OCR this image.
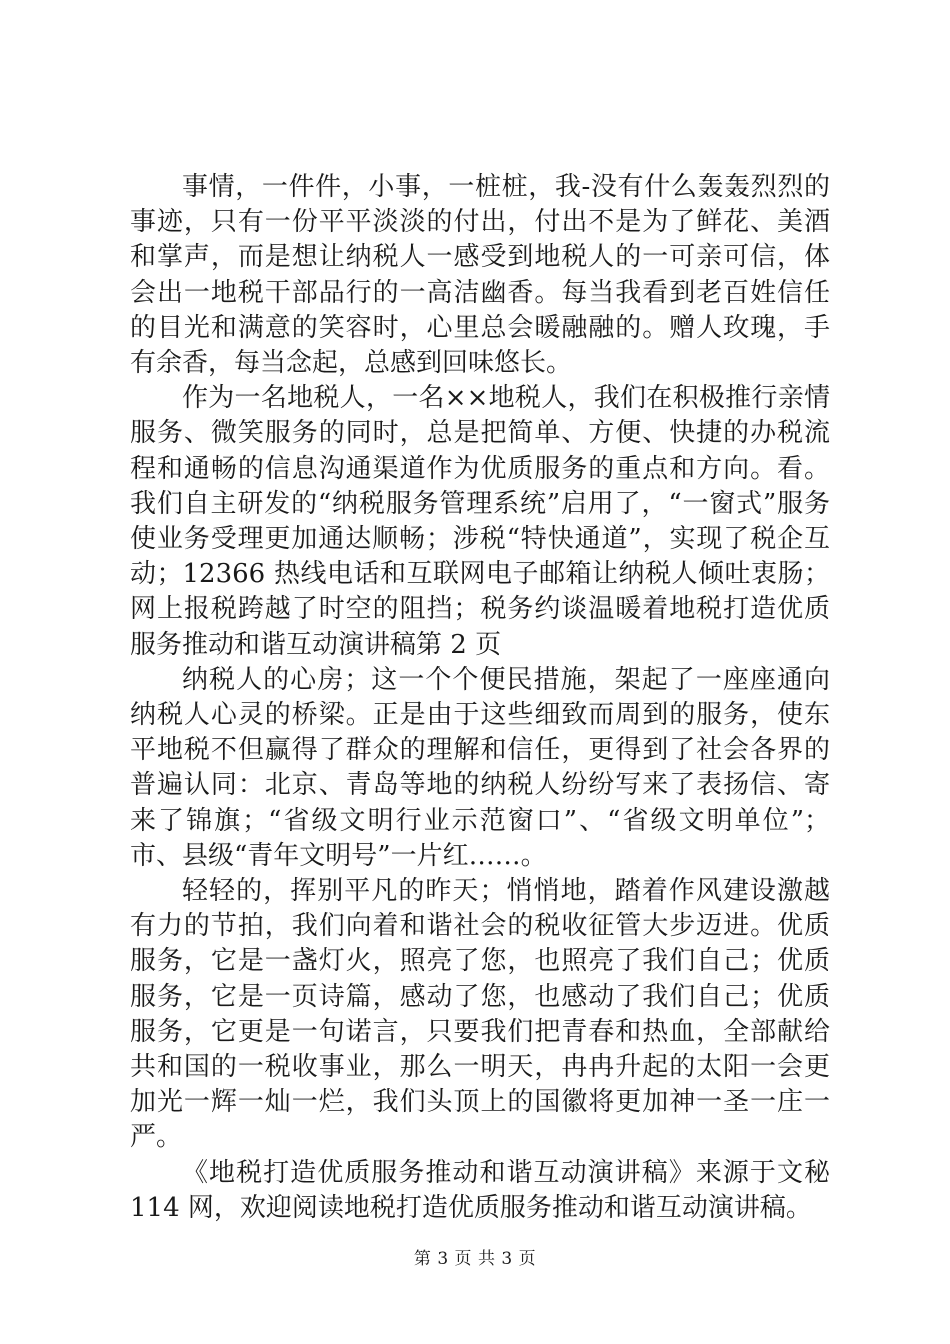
事情，一件件，小事，一桩桩，我-没有什么轰轰烈烈的事迹，只有一份平平淡淡的付出，付出不是为了鲜花、美酒和掌声，而是想让纳税人一感受到地税人的一可亲可信，体会出一地税干部品行的一高洁幽香。每当我看到老百姓信任的目光和满意的笑容时，心里总会暖融融的。赠人玫瑰，手有余香，每当念起，总感到回味悠长。

作为一名地税人，一名××地税人，我们在积极推行亲情服务、微笑服务的同时，总是把简单、方便、快捷的办税流程和通畅的信息沟通渠道作为优质服务的重点和方向。看。我们自主研发的“纳税服务管理系统”启用了，“一窗式”服务使业务受理更加通达顺畅；涉税“特快通道”，实现了税企互动；12366 热线电话和互联网电子邮箱让纳税人倾吐衷肠；网上报税跨越了时空的阻挡；税务约谈温暖着地税打造优质服务推动和谐互动演讲稿第 2 页

纳税人的心房；这一个个便民措施，架起了一座座通向纳税人心灵的桥梁。正是由于这些细致而周到的服务，使东平地税不但赢得了群众的理解和信任，更得到了社会各界的普遍认同：北京、青岛等地的纳税人纷纷写来了表扬信、寄来了锦旗；“省级文明行业示范窗口”、“省级文明单位”；市、县级“青年文明号”一片红……。

轻轻的，挥别平凡的昨天；悄悄地，踏着作风建设激越有力的节拍，我们向着和谐社会的税收征管大步迈进。优质服务，它是一盏灯火，照亮了您，也照亮了我们自己；优质服务，它是一页诗篇，感动了您，也感动了我们自己；优质服务，它更是一句诺言，只要我们把青春和热血，全部献给共和国的一税收事业，那么一明天，冉冉升起的太阳一会更加光一辉一灿一烂，我们头顶上的国徽将更加神一圣一庄一严。

《地税打造优质服务推动和谐互动演讲稿》来源于文秘 114 网，欢迎阅读地税打造优质服务推动和谐互动演讲稿。

第 3 页 共 3 页
